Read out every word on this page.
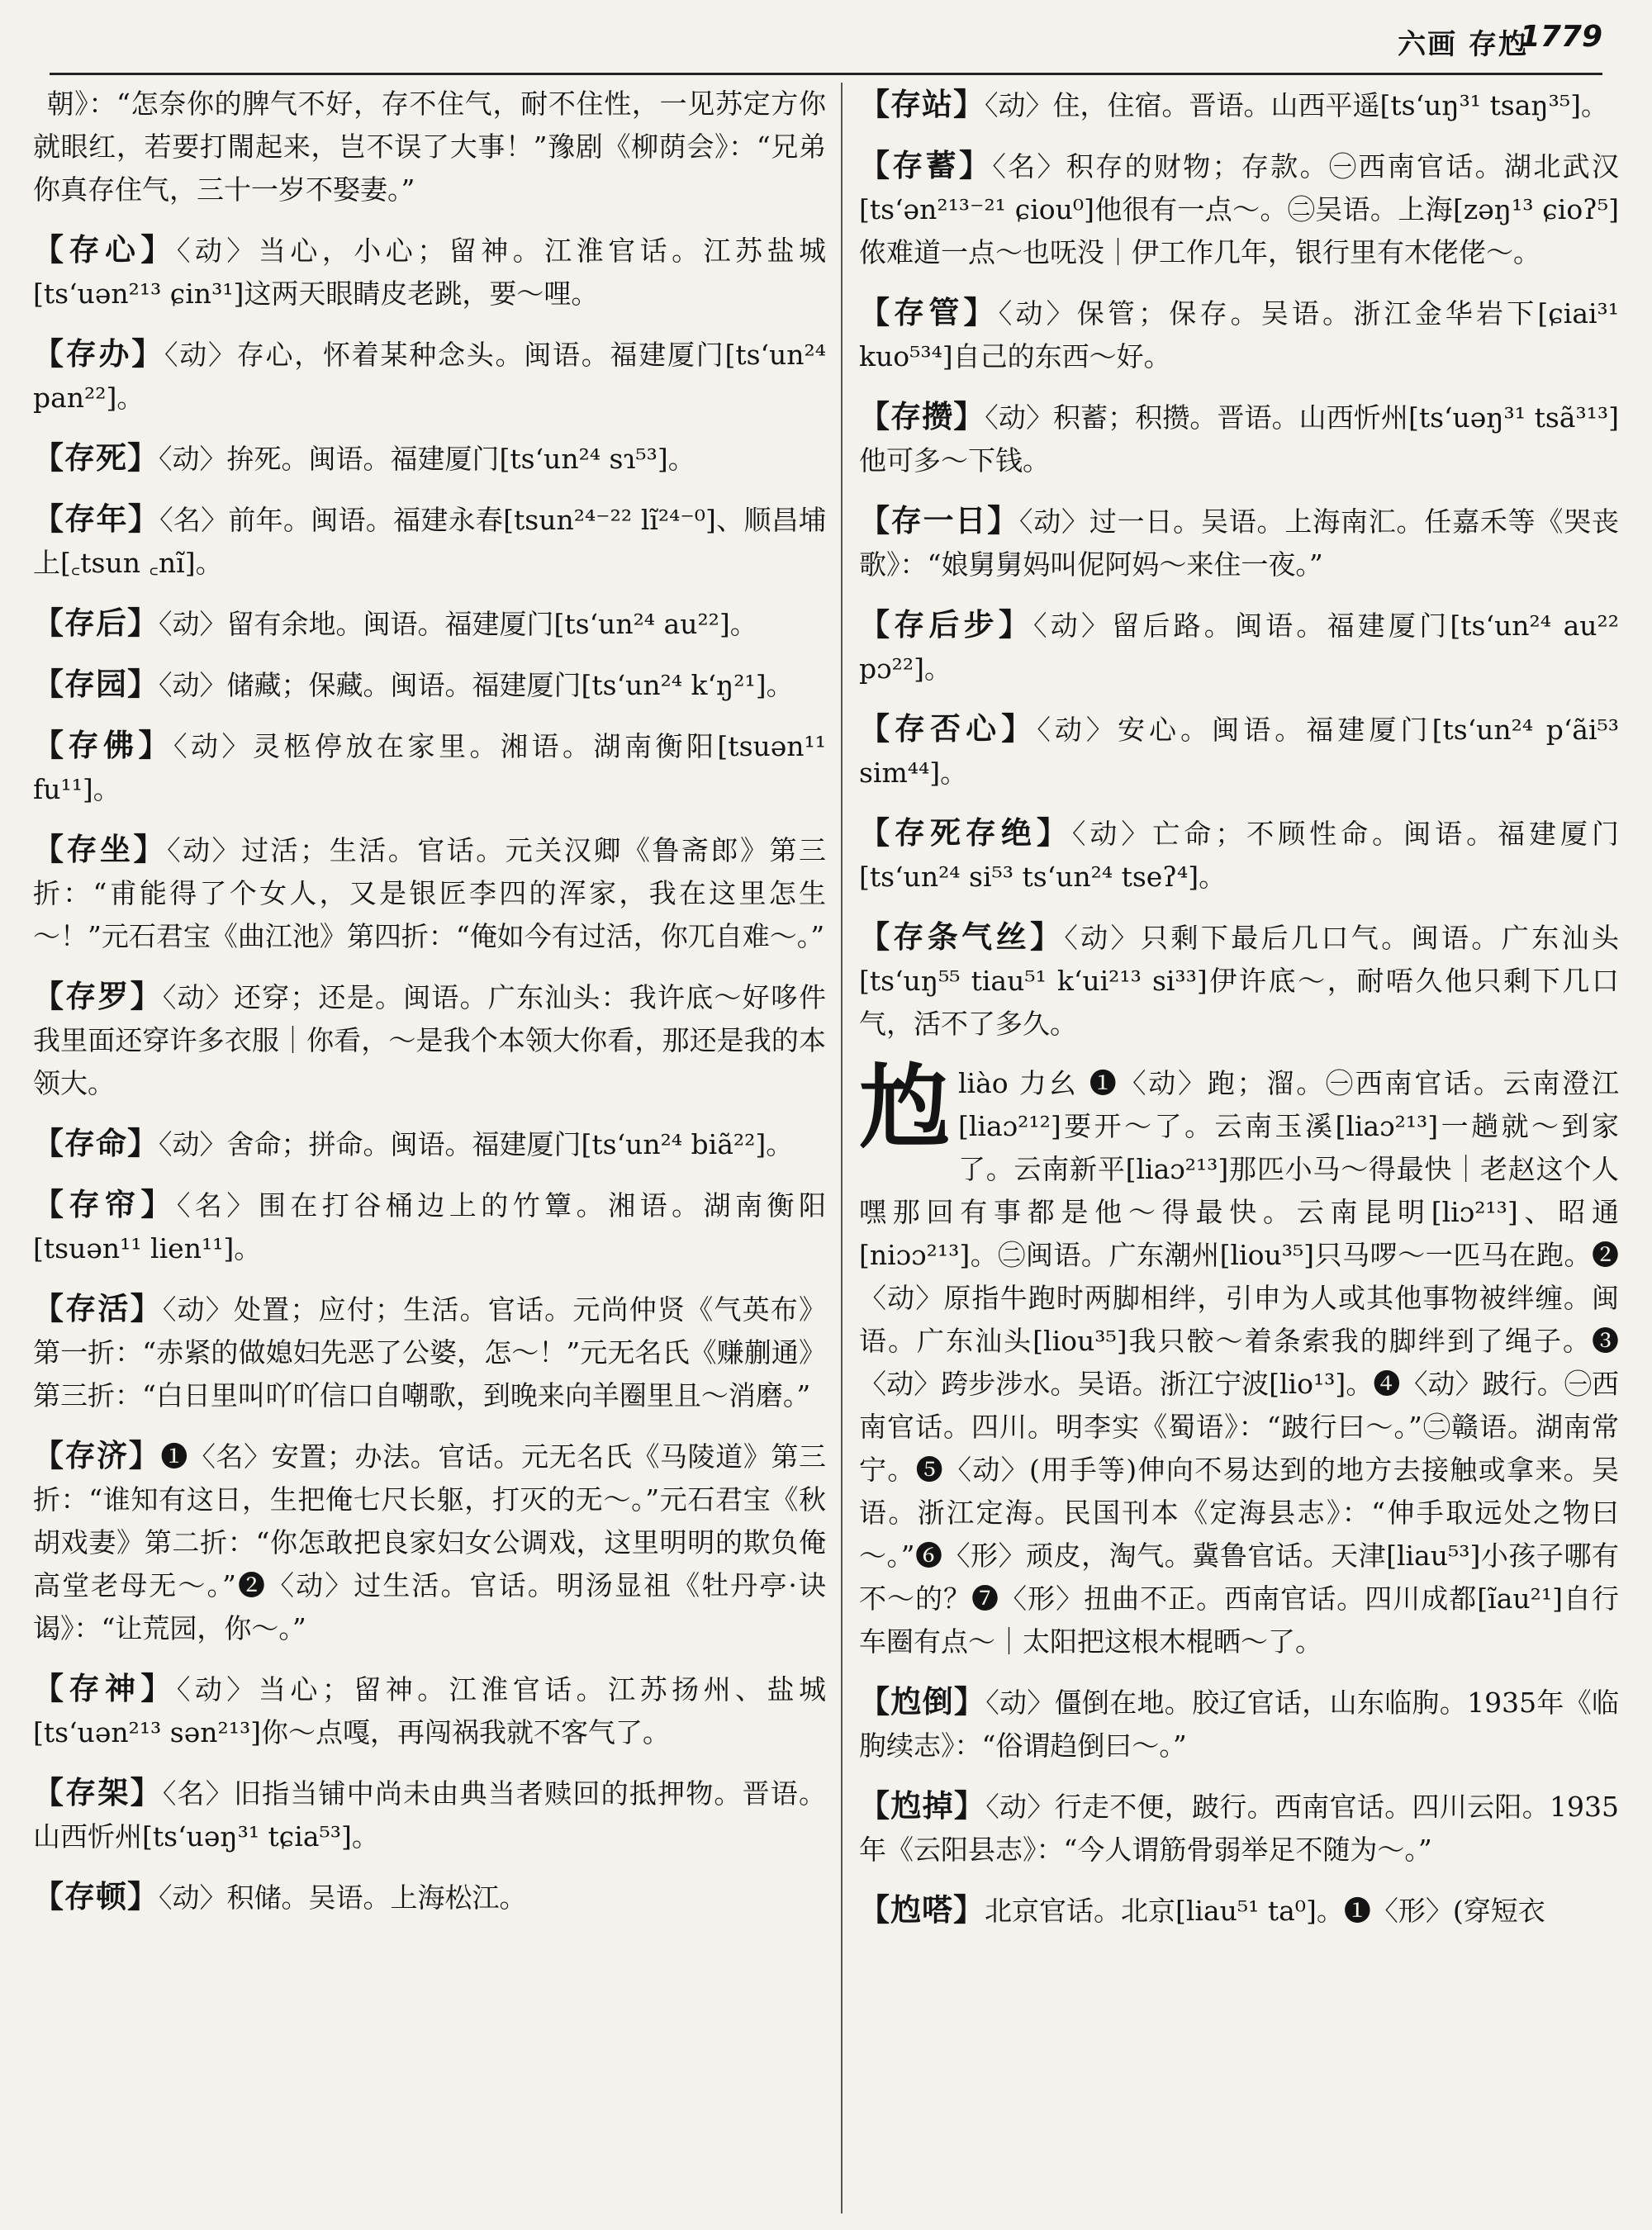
六画 存尥
1779

朝》：“怎奈你的脾气不好，存不住气，耐不住性，一见苏定方你就眼红，若要打閙起来，岂不误了大事！”豫剧《柳荫会》：“兄弟你真存住气，三十一岁不娶妻。”

【存心】〈动〉当心，小心；留神。江淮官话。江苏盐城[ts‘uən²¹³ ɕin³¹]这两天眼睛皮老跳，要～哩。

【存办】〈动〉存心，怀着某种念头。闽语。福建厦门[ts‘un²⁴ pan²²]。

【存死】〈动〉拚死。闽语。福建厦门[ts‘un²⁴ sɿ⁵³]。

【存年】〈名〉前年。闽语。福建永春[tsun²⁴⁻²² lĩ²⁴⁻⁰]、顺昌埔上[꜀tsun ꜀nĩ]。

【存后】〈动〉留有余地。闽语。福建厦门[ts‘un²⁴ au²²]。

【存园】〈动〉储藏；保藏。闽语。福建厦门[ts‘un²⁴ k‘ŋ²¹]。

【存佛】〈动〉灵柩停放在家里。湘语。湖南衡阳[tsuən¹¹ fu¹¹]。

【存坐】〈动〉过活；生活。官话。元关汉卿《鲁斋郎》第三折：“甫能得了个女人，又是银匠李四的浑家，我在这里怎生～！”元石君宝《曲江池》第四折：“俺如今有过活，你兀自难～。”

【存罗】〈动〉还穿；还是。闽语。广东汕头：我许底～好哆件我里面还穿许多衣服｜你看，～是我个本领大你看，那还是我的本领大。

【存命】〈动〉舍命；拼命。闽语。福建厦门[ts‘un²⁴ biã²²]。

【存帘】〈名〉围在打谷桶边上的竹簟。湘语。湖南衡阳[tsuən¹¹ lien¹¹]。

【存活】〈动〉处置；应付；生活。官话。元尚仲贤《气英布》第一折：“赤紧的做媳妇先恶了公婆，怎～！”元无名氏《赚蒯通》第三折：“白日里叫吖吖信口自嘲歌，到晚来向羊圈里且～消磨。”

【存济】❶〈名〉安置；办法。官话。元无名氏《马陵道》第三折：“谁知有这日，生把俺七尺长躯，打灭的无～。”元石君宝《秋胡戏妻》第二折：“你怎敢把良家妇女公调戏，这里明明的欺负俺高堂老母无～。”❷〈动〉过生活。官话。明汤显祖《牡丹亭·诀谒》：“让荒园，你～。”

【存神】〈动〉当心；留神。江淮官话。江苏扬州、盐城[ts‘uən²¹³ sən²¹³]你～点嘎，再闯祸我就不客气了。

【存架】〈名〉旧指当铺中尚未由典当者赎回的抵押物。晋语。山西忻州[ts‘uəŋ³¹ tɕia⁵³]。

【存顿】〈动〉积储。吴语。上海松江。

【存站】〈动〉住，住宿。晋语。山西平遥[ts‘uŋ³¹ tsaŋ³⁵]。

【存蓄】〈名〉积存的财物；存款。㊀西南官话。湖北武汉[ts‘ən²¹³⁻²¹ ɕiou⁰]他很有一点～。㊁吴语。上海[zəŋ¹³ ɕioʔ⁵]侬难道一点～也呒没｜伊工作几年，银行里有木佬佬～。

【存管】〈动〉保管；保存。吴语。浙江金华岩下[ɕiai³¹ kuo⁵³⁴]自己的东西～好。

【存攒】〈动〉积蓄；积攒。晋语。山西忻州[ts‘uəŋ³¹ tsã³¹³]他可多～下钱。

【存一日】〈动〉过一日。吴语。上海南汇。任嘉禾等《哭丧歌》：“娘舅舅妈叫伲阿妈～来住一夜。”

【存后步】〈动〉留后路。闽语。福建厦门[ts‘un²⁴ au²² pɔ²²]。

【存否心】〈动〉安心。闽语。福建厦门[ts‘un²⁴ p‘ãi⁵³ sim⁴⁴]。

【存死存绝】〈动〉亡命；不顾性命。闽语。福建厦门[ts‘un²⁴ si⁵³ ts‘un²⁴ tseʔ⁴]。

【存条气丝】〈动〉只剩下最后几口气。闽语。广东汕头[ts‘uŋ⁵⁵ tiau⁵¹ k‘ui²¹³ si³³]伊许底～，耐唔久他只剩下几口气，活不了多久。

尥liào 力幺 ❶〈动〉跑；溜。㊀西南官话。云南澄江[liaɔ²¹²]要开～了。云南玉溪[liaɔ²¹³]一趟就～到家了。云南新平[liaɔ²¹³]那匹小马～得最快｜老赵这个人嘿那回有事都是他～得最快。云南昆明[liɔ²¹³]、昭通[niɔɔ²¹³]。㊁闽语。广东潮州[liou³⁵]只马啰～一匹马在跑。❷〈动〉原指牛跑时两脚相绊，引申为人或其他事物被绊缠。闽语。广东汕头[liou³⁵]我只骹～着条索我的脚绊到了绳子。❸〈动〉跨步涉水。吴语。浙江宁波[lio¹³]。❹〈动〉跛行。㊀西南官话。四川。明李实《蜀语》：“跛行曰～。”㊁赣语。湖南常宁。❺〈动〉(用手等)伸向不易达到的地方去接触或拿来。吴语。浙江定海。民国刊本《定海县志》：“伸手取远处之物曰～。”❻〈形〉顽皮，淘气。冀鲁官话。天津[liau⁵³]小孩子哪有不～的？❼〈形〉扭曲不正。西南官话。四川成都[ĩau²¹]自行车圈有点～｜太阳把这根木棍晒～了。

【尥倒】〈动〉僵倒在地。胶辽官话，山东临朐。1935年《临朐续志》：“俗谓趋倒曰～。”

【尥掉】〈动〉行走不便，跛行。西南官话。四川云阳。1935年《云阳县志》：“今人谓筋骨弱举足不随为～。”

【尥嗒】北京官话。北京[liau⁵¹ ta⁰]。❶〈形〉(穿短衣
